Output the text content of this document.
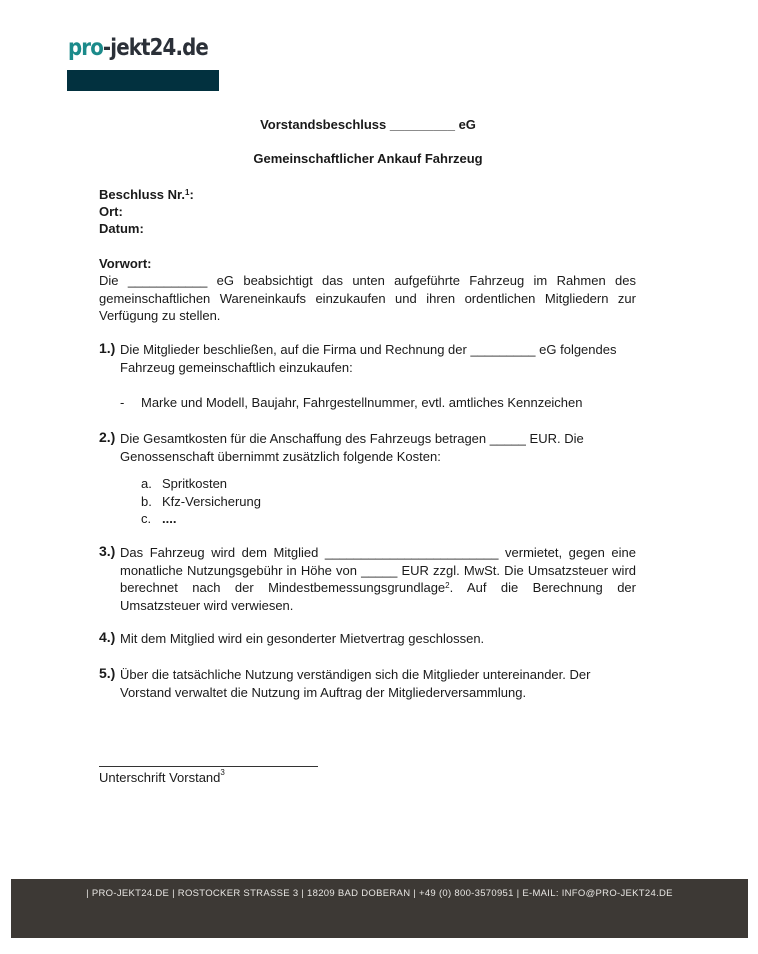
pro-jekt24.de
Vorstandsbeschluss _________ eG
Gemeinschaftlicher Ankauf Fahrzeug
Beschluss Nr.$^1$:
Ort:
Datum:
Vorwort:
Die ___________ eG beabsichtigt das unten aufgeführte Fahrzeug im Rahmen des gemeinschaftlichen Wareneinkaufs einzukaufen und ihren ordentlichen Mitgliedern zur Verfügung zu stellen.
1.) Die Mitglieder beschließen, auf die Firma und Rechnung der _________ eG folgendes Fahrzeug gemeinschaftlich einzukaufen:
-	Marke und Modell, Baujahr, Fahrgestellnummer, evtl. amtliches Kennzeichen
2.) Die Gesamtkosten für die Anschaffung des Fahrzeugs betragen _____ EUR. Die Genossenschaft übernimmt zusätzlich folgende Kosten:
a. Spritkosten
b. Kfz-Versicherung
c. ....
3.) Das Fahrzeug wird dem Mitglied ________________________ vermietet, gegen eine monatliche Nutzungsgebühr in Höhe von _____ EUR zzgl. MwSt. Die Umsatzsteuer wird berechnet nach der Mindestbemessungsgrundlage$^2$. Auf die Berechnung der Umsatzsteuer wird verwiesen.
4.) Mit dem Mitglied wird ein gesonderter Mietvertrag geschlossen.
5.) Über die tatsächliche Nutzung verständigen sich die Mitglieder untereinander. Der Vorstand verwaltet die Nutzung im Auftrag der Mitgliederversammlung.
Unterschrift Vorstand$^3$
| PRO-JEKT24.DE | ROSTOCKER STRASSE 3 | 18209 BAD DOBERAN | +49 (0) 800-3570951 | E-MAIL: INFO@PRO-JEKT24.DE
